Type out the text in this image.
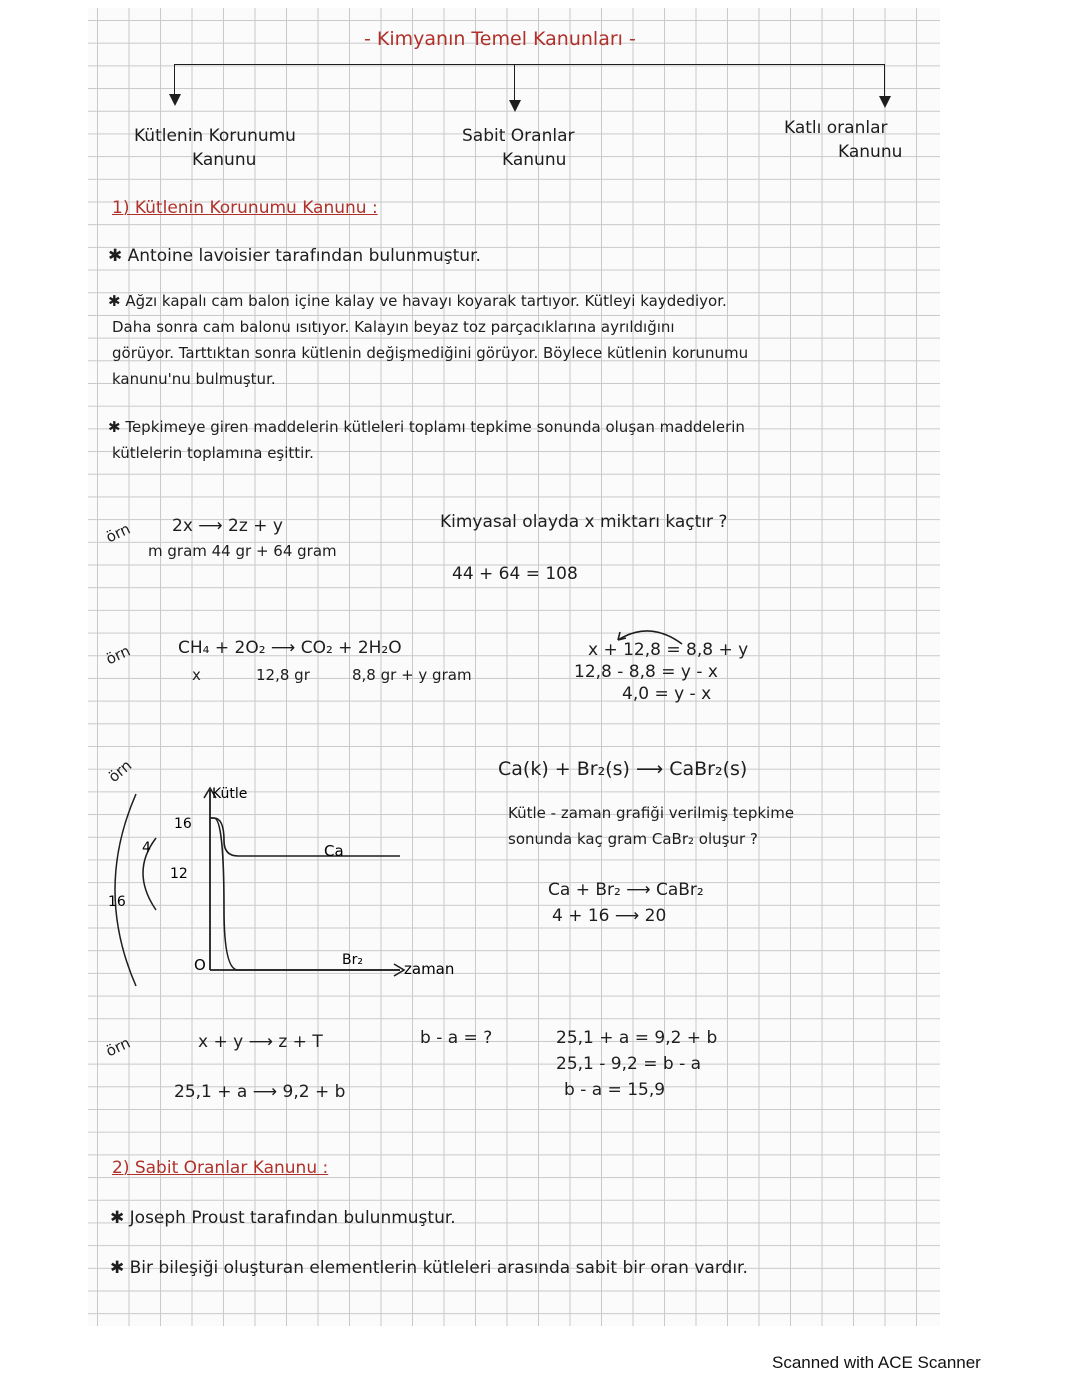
- Kimyanın Temel Kanunları -
Kütlenin Korunumu
Kanunu
Sabit Oranlar
Kanunu
Katlı oranlar
Kanunu
1) Kütlenin Korunumu Kanunu :
✱ Antoine lavoisier tarafından bulunmuştur.
✱ Ağzı kapalı cam balon içine kalay ve havayı koyarak tartıyor. Kütleyi kaydediyor.
Daha sonra cam balonu ısıtıyor. Kalayın beyaz toz parçacıklarına ayrıldığını
görüyor. Tarttıktan sonra kütlenin değişmediğini görüyor. Böylece kütlenin korunumu
kanunu'nu bulmuştur.
✱ Tepkimeye giren maddelerin kütleleri toplamı tepkime sonunda oluşan maddelerin
kütlelerin toplamına eşittir.
örn 2x ⟶ 2z + y
m gram 44 gr + 64 gram
Kimyasal olayda x miktarı kaçtır ?
44 + 64 = 108
örn	CH₄ + 2O₂ ⟶ CO₂ + 2H₂O
x	12,8 gr	8,8 gr + y gram
x + 12,8 = 8,8 + y
12,8 - 8,8 = y - x
4,0 = y - x
örn	Ca(k) + Br₂(s) ⟶ CaBr₂(s)
Kütle - zaman grafiği verilmiş tepkime
sonunda kaç gram CaBr₂ oluşur ?
Ca + Br₂ ⟶ CaBr₂
4 + 16 ⟶ 20
Kütle
zaman
O
16
12
4
16
Ca
Br₂
örn	x + y ⟶ z + T
25,1 + a ⟶ 9,2 + b
b - a = ?	25,1 + a = 9,2 + b
25,1 - 9,2 = b - a
b - a = 15,9
2) Sabit Oranlar Kanunu :
✱ Joseph Proust tarafından bulunmuştur.
✱ Bir bileşiği oluşturan elementlerin kütleleri arasında sabit bir oran vardır.
Scanned with ACE Scanner
